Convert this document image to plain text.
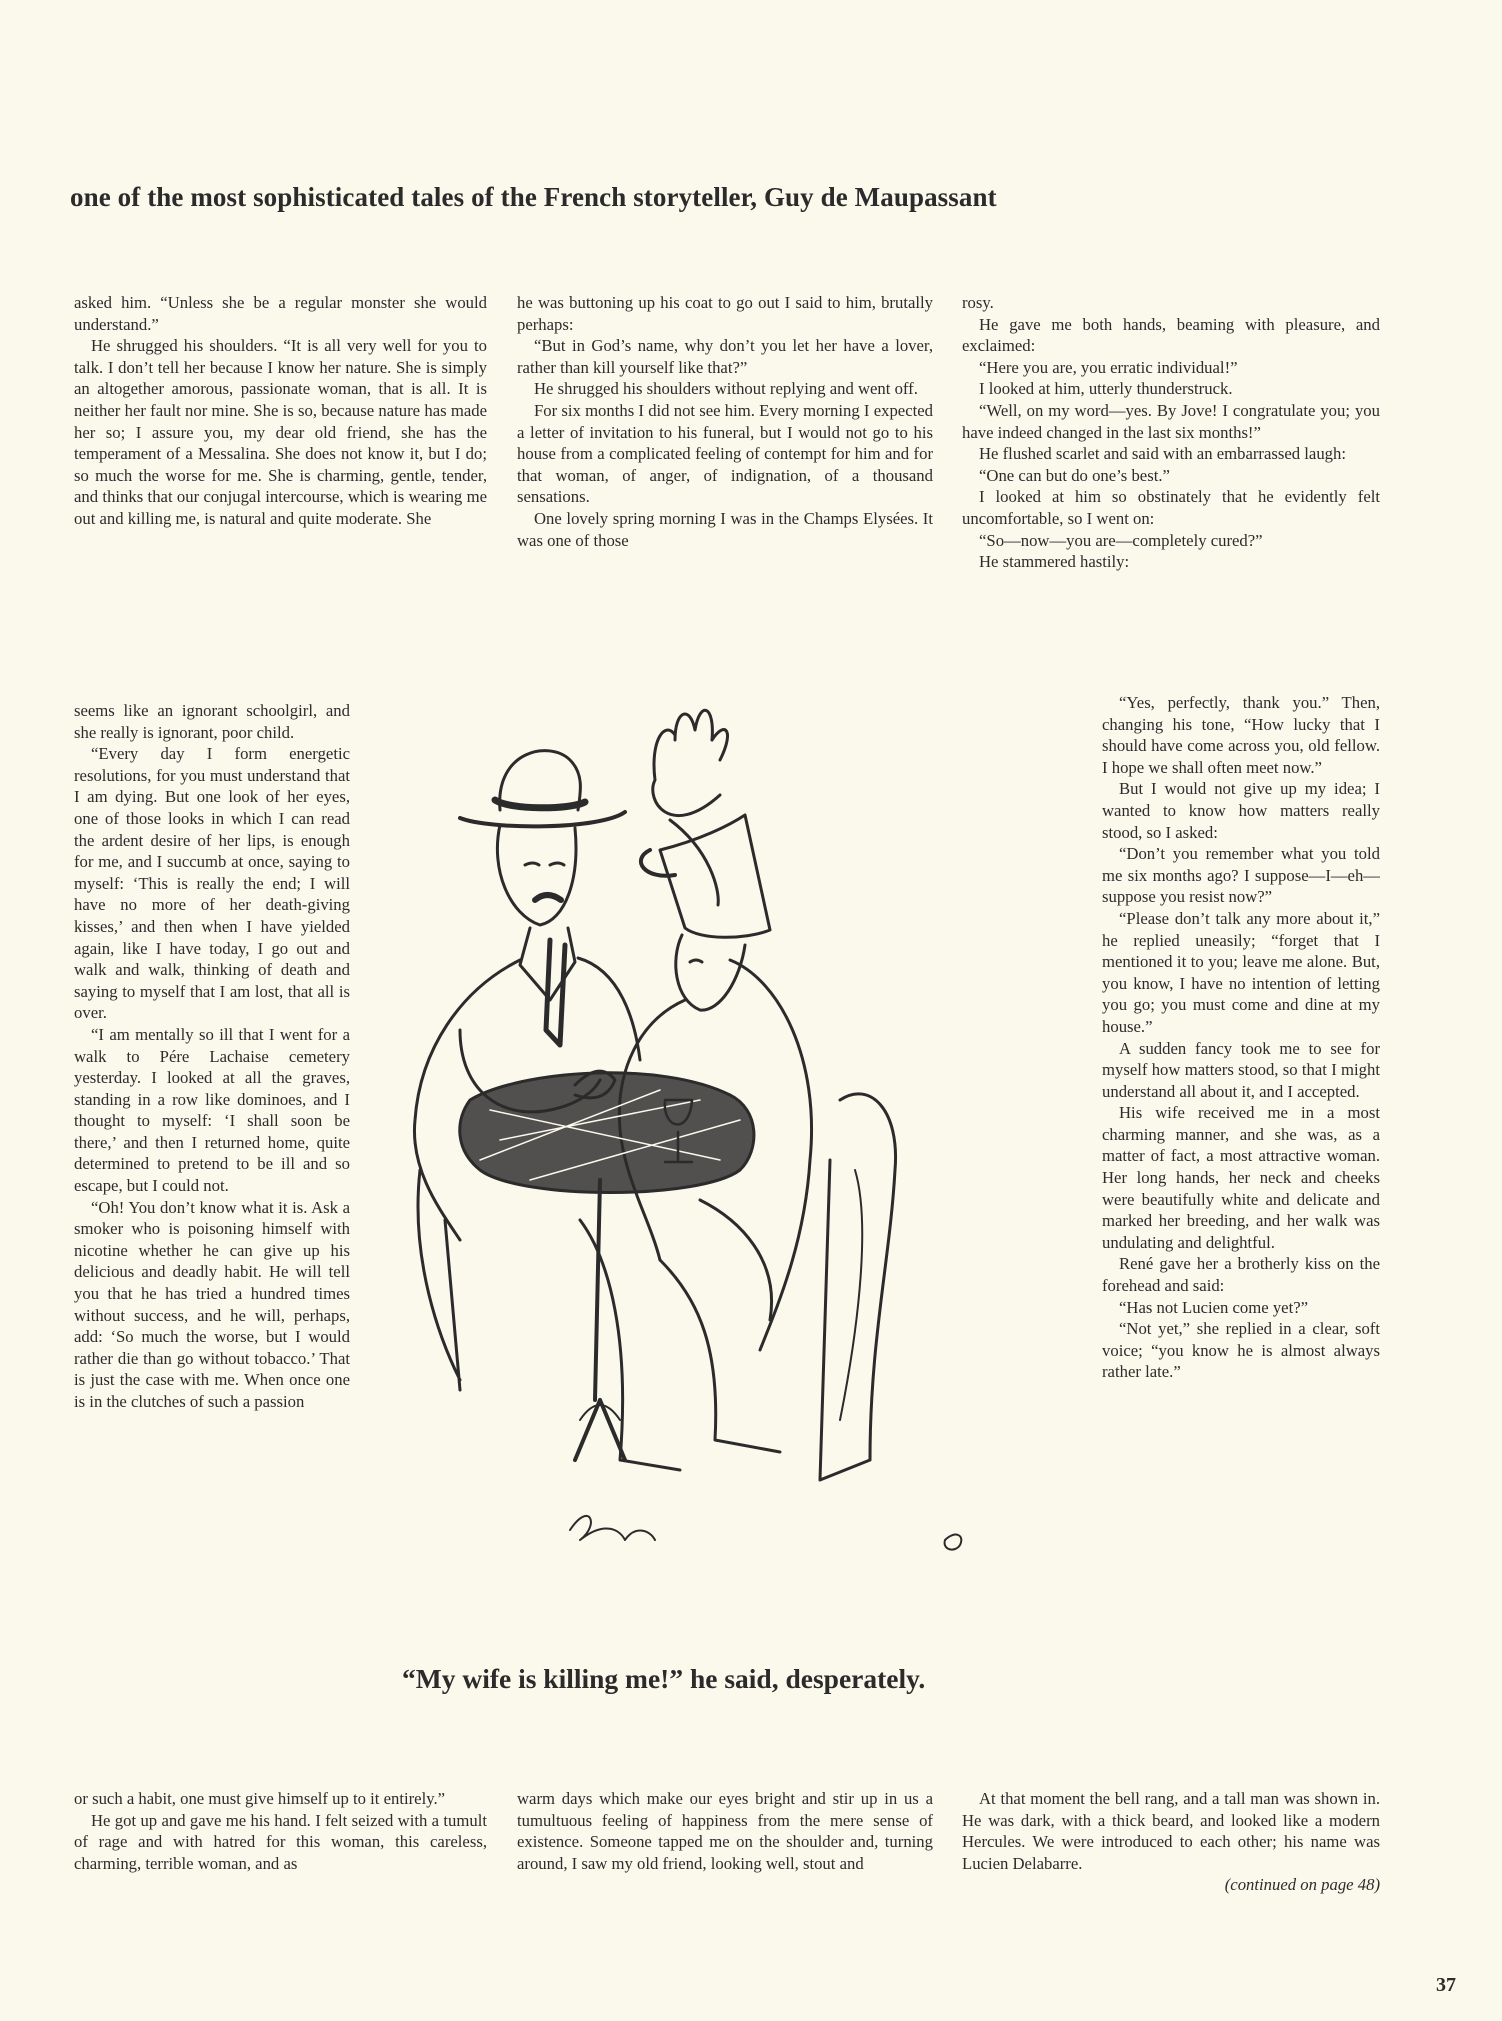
one of the most sophisticated tales of the French storyteller, Guy de Maupassant

asked him. “Unless she be a regular monster she would understand.”

He shrugged his shoulders. “It is all very well for you to talk. I don’t tell her because I know her nature. She is simply an altogether amorous, passionate woman, that is all. It is neither her fault nor mine. She is so, because nature has made her so; I assure you, my dear old friend, she has the temperament of a Messalina. She does not know it, but I do; so much the worse for me. She is charming, gentle, tender, and thinks that our conjugal intercourse, which is wearing me out and killing me, is natural and quite moderate. She

seems like an ignorant schoolgirl, and she really is ignorant, poor child.

“Every day I form energetic resolutions, for you must understand that I am dying. But one look of her eyes, one of those looks in which I can read the ardent desire of her lips, is enough for me, and I succumb at once, saying to myself: ‘This is really the end; I will have no more of her death-giving kisses,’ and then when I have yielded again, like I have today, I go out and walk and walk, thinking of death and saying to myself that I am lost, that all is over.

“I am mentally so ill that I went for a walk to Pére Lachaise cemetery yesterday. I looked at all the graves, standing in a row like dominoes, and I thought to myself: ‘I shall soon be there,’ and then I returned home, quite determined to pretend to be ill and so escape, but I could not.

“Oh! You don’t know what it is. Ask a smoker who is poisoning himself with nicotine whether he can give up his delicious and deadly habit. He will tell you that he has tried a hundred times without success, and he will, perhaps, add: ‘So much the worse, but I would rather die than go without tobacco.’ That is just the case with me. When once one is in the clutches of such a passion

or such a habit, one must give himself up to it entirely.”

He got up and gave me his hand. I felt seized with a tumult of rage and with hatred for this woman, this careless, charming, terrible woman, and as

he was buttoning up his coat to go out I said to him, brutally perhaps:

“But in God’s name, why don’t you let her have a lover, rather than kill yourself like that?”

He shrugged his shoulders without replying and went off.

For six months I did not see him. Every morning I expected a letter of invitation to his funeral, but I would not go to his house from a complicated feeling of contempt for him and for that woman, of anger, of indignation, of a thousand sensations.

One lovely spring morning I was in the Champs Elysées. It was one of those

warm days which make our eyes bright and stir up in us a tumultuous feeling of happiness from the mere sense of existence. Someone tapped me on the shoulder and, turning around, I saw my old friend, looking well, stout and

rosy.

He gave me both hands, beaming with pleasure, and exclaimed:

“Here you are, you erratic individual!”

I looked at him, utterly thunderstruck.

“Well, on my word—yes. By Jove! I congratulate you; you have indeed changed in the last six months!”

He flushed scarlet and said with an embarrassed laugh:

“One can but do one’s best.”

I looked at him so obstinately that he evidently felt uncomfortable, so I went on:

“So—now—you are—completely cured?”

He stammered hastily:

“Yes, perfectly, thank you.” Then, changing his tone, “How lucky that I should have come across you, old fellow. I hope we shall often meet now.”

But I would not give up my idea; I wanted to know how matters really stood, so I asked:

“Don’t you remember what you told me six months ago? I suppose—I—eh—suppose you resist now?”

“Please don’t talk any more about it,” he replied uneasily; “forget that I mentioned it to you; leave me alone. But, you know, I have no intention of letting you go; you must come and dine at my house.”

A sudden fancy took me to see for myself how matters stood, so that I might understand all about it, and I accepted.

His wife received me in a most charming manner, and she was, as a matter of fact, a most attractive woman. Her long hands, her neck and cheeks were beautifully white and delicate and marked her breeding, and her walk was undulating and delightful.

René gave her a brotherly kiss on the forehead and said:

“Has not Lucien come yet?”

“Not yet,” she replied in a clear, soft voice; “you know he is almost always rather late.”

At that moment the bell rang, and a tall man was shown in. He was dark, with a thick beard, and looked like a modern Hercules. We were introduced to each other; his name was Lucien Delabarre.

(continued on page 48)

“My wife is killing me!” he said, desperately.
37
